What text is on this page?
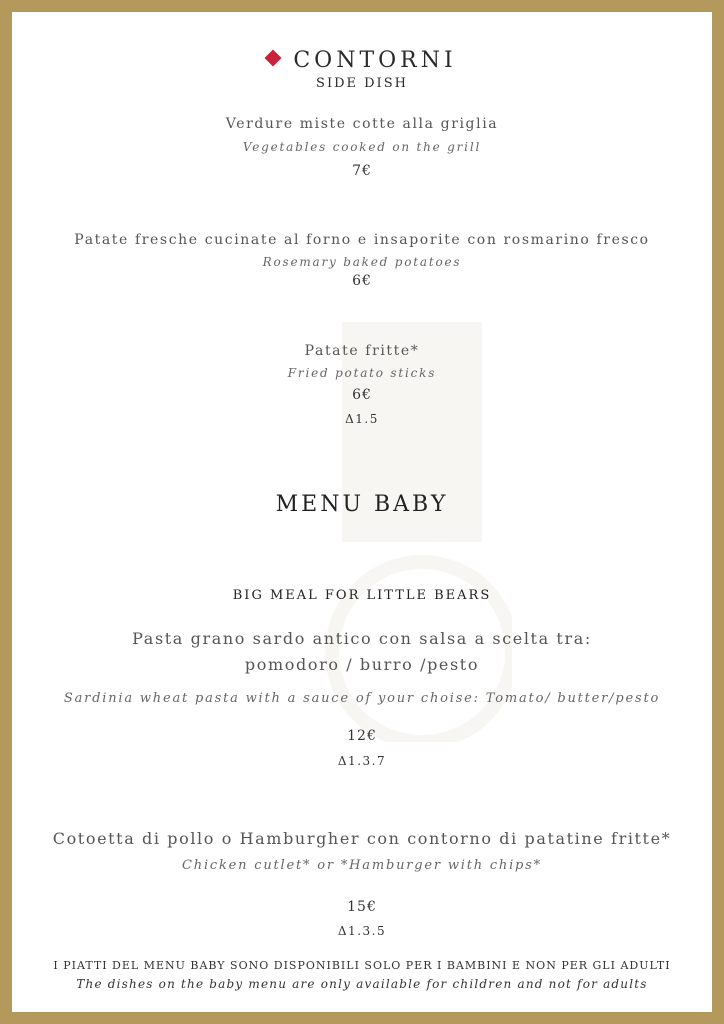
CONTORNI
SIDE DISH
Verdure miste cotte alla griglia
Vegetables cooked on the grill
7€
Patate fresche cucinate al forno e insaporite con rosmarino fresco
Rosemary baked potatoes
6€
Patate fritte*
Fried potato sticks
6€
Δ1.5
MENU BABY
BIG MEAL FOR LITTLE BEARS
Pasta grano sardo antico con salsa a scelta tra:
pomodoro / burro /pesto
Sardinia wheat pasta with a sauce of your choise: Tomato/ butter/pesto
12€
Δ1.3.7
Cotoetta di pollo o Hamburgher con contorno di patatine fritte*
Chicken cutlet* or *Hamburger with chips*
15€
Δ1.3.5
I PIATTI DEL MENU BABY SONO DISPONIBILI SOLO PER I BAMBINI E NON PER GLI ADULTI
The dishes on the baby menu are only available for children and not for adults
